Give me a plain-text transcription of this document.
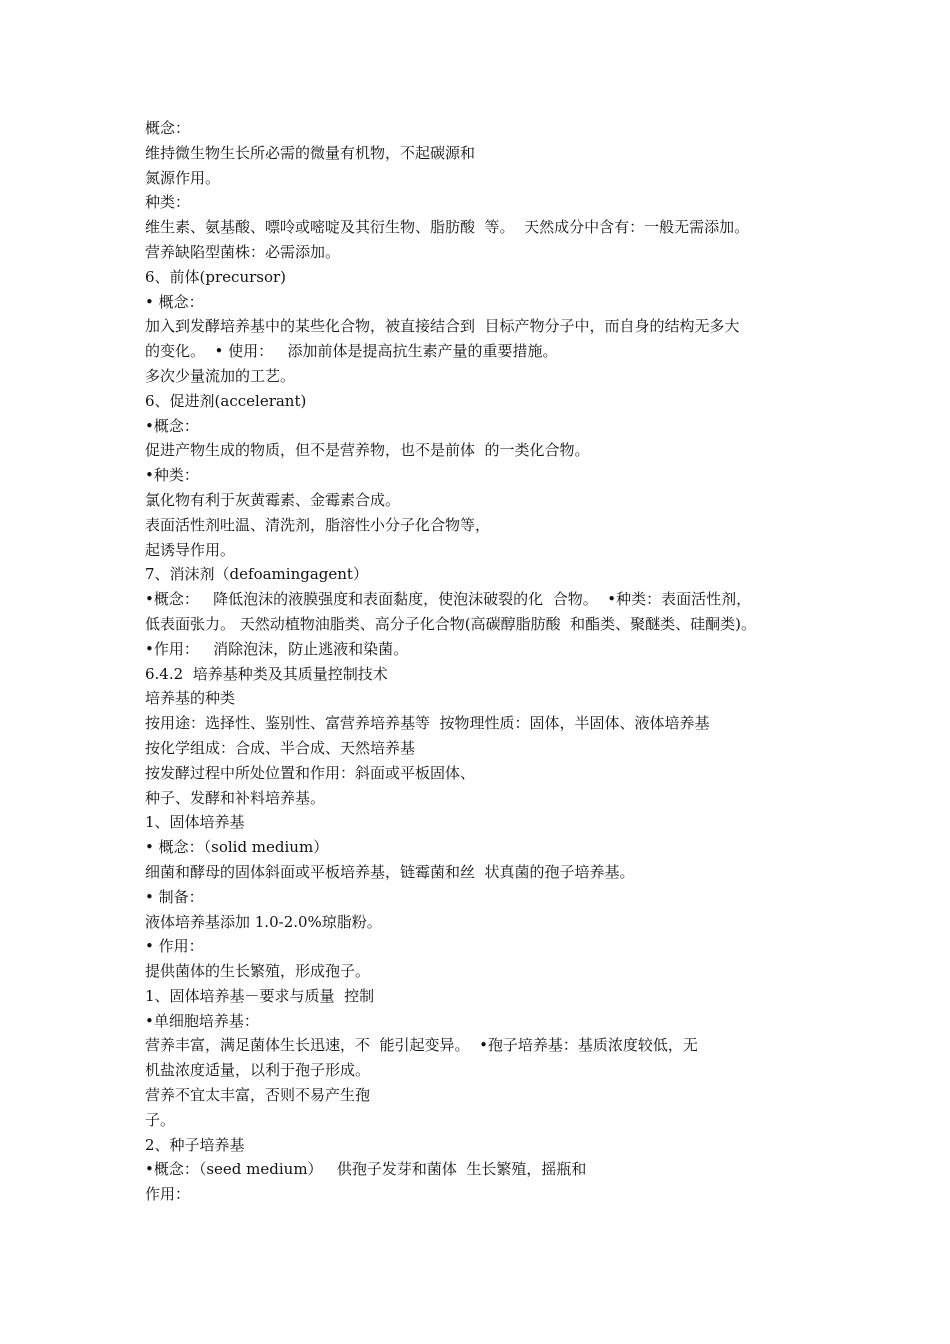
概念：

维持微生物生长所必需的微量有机物，不起碳源和

氮源作用。

种类：

维生素、氨基酸、嘌呤或嘧啶及其衍生物、脂肪酸  等。  天然成分中含有：一般无需添加。

营养缺陷型菌株：必需添加。

6、前体(precursor)

• 概念：

加入到发酵培养基中的某些化合物，被直接结合到  目标产物分子中，而自身的结构无多大

的变化。  • 使用：   添加前体是提高抗生素产量的重要措施。

多次少量流加的工艺。

6、促进剂(accelerant)

•概念：

促进产物生成的物质，但不是营养物，也不是前体  的一类化合物。

•种类：

氯化物有利于灰黄霉素、金霉素合成。

表面活性剂吐温、清洗剂，脂溶性小分子化合物等，

起诱导作用。

7、消沫剂（defoamingagent）

•概念：   降低泡沫的液膜强度和表面黏度，使泡沫破裂的化  合物。  •种类：表面活性剂，

低表面张力。 天然动植物油脂类、高分子化合物(高碳醇脂肪酸  和酯类、聚醚类、硅酮类)。

•作用：   消除泡沫，防止逃液和染菌。

6.4.2  培养基种类及其质量控制技术

培养基的种类

按用途：选择性、鉴别性、富营养培养基等  按物理性质：固体，半固体、液体培养基

按化学组成：合成、半合成、天然培养基

按发酵过程中所处位置和作用：斜面或平板固体、

种子、发酵和补料培养基。

1、固体培养基

• 概念：（solid medium）

细菌和酵母的固体斜面或平板培养基，链霉菌和丝  状真菌的孢子培养基。

• 制备：

液体培养基添加 1.0-2.0%琼脂粉。

• 作用：

提供菌体的生长繁殖，形成孢子。

1、固体培养基－要求与质量  控制

•单细胞培养基：

营养丰富，满足菌体生长迅速，不  能引起变异。  •孢子培养基：基质浓度较低，无

机盐浓度适量，以利于孢子形成。

营养不宜太丰富，否则不易产生孢

子。

2、种子培养基

•概念：（seed medium）   供孢子发芽和菌体  生长繁殖，摇瓶和

作用：
